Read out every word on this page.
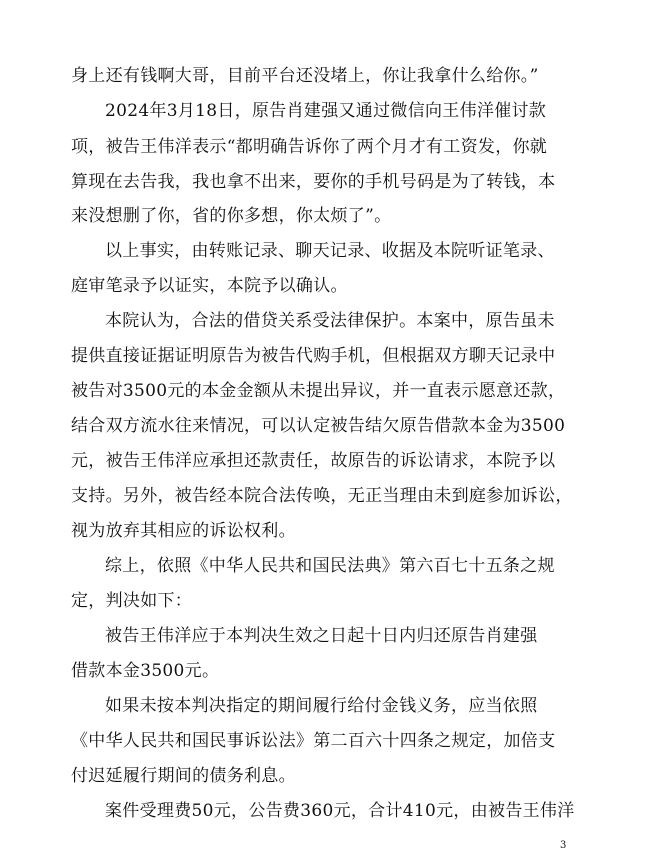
身上还有钱啊大哥，目前平台还没堵上，你让我拿什么给你。”
2024年3月18日，原告肖建强又通过微信向王伟洋催讨款
项，被告王伟洋表示“都明确告诉你了两个月才有工资发，你就
算现在去告我，我也拿不出来，要你的手机号码是为了转钱，本
来没想删了你，省的你多想，你太烦了”。
以上事实，由转账记录、聊天记录、收据及本院听证笔录、
庭审笔录予以证实，本院予以确认。
本院认为，合法的借贷关系受法律保护。本案中，原告虽未
提供直接证据证明原告为被告代购手机，但根据双方聊天记录中
被告对3500元的本金金额从未提出异议，并一直表示愿意还款，
结合双方流水往来情况，可以认定被告结欠原告借款本金为3500
元，被告王伟洋应承担还款责任，故原告的诉讼请求，本院予以
支持。另外，被告经本院合法传唤，无正当理由未到庭参加诉讼，
视为放弃其相应的诉讼权利。
综上，依照《中华人民共和国民法典》第六百七十五条之规
定，判决如下：
被告王伟洋应于本判决生效之日起十日内归还原告肖建强
借款本金3500元。
如果未按本判决指定的期间履行给付金钱义务，应当依照
《中华人民共和国民事诉讼法》第二百六十四条之规定，加倍支
付迟延履行期间的债务利息。
案件受理费50元，公告费360元，合计410元，由被告王伟洋
3
